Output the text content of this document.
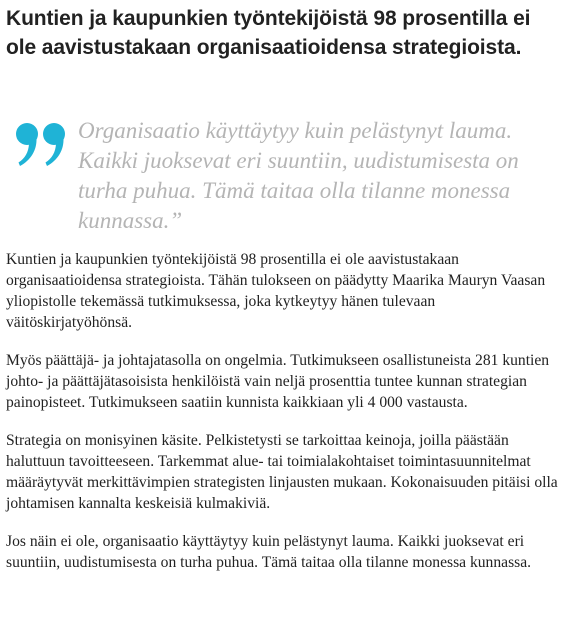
Kuntien ja kaupunkien työntekijöistä 98 prosentilla ei ole aavistustakaan organisaatioidensa strategioista.

Organisaatio käyttäytyy kuin pelästynyt lauma. Kaikki juoksevat eri suuntiin, uudistumisesta on turha puhua. Tämä taitaa olla tilanne monessa kunnassa.”

Kuntien ja kaupunkien työntekijöistä 98 prosentilla ei ole aavistustakaan organisaatioidensa strategioista. Tähän tulokseen on päädytty Maarika Mauryn Vaasan yliopistolle tekemässä tutkimuksessa, joka kytkeytyy hänen tulevaan väitöskirjatyöhönsä.

Myös päättäjä- ja johtajatasolla on ongelmia. Tutkimukseen osallistuneista 281 kuntien johto- ja päättäjätasoisista henkilöistä vain neljä prosenttia tuntee kunnan strategian painopisteet. Tutkimukseen saatiin kunnista kaikkiaan yli 4 000 vastausta.

Strategia on monisyinen käsite. Pelkistetysti se tarkoittaa keinoja, joilla päästään haluttuun tavoitteeseen. Tarkemmat alue- tai toimialakohtaiset toimintasuunnitelmat määräytyvät merkittävimpien strategisten linjausten mukaan. Kokonaisuuden pitäisi olla johtamisen kannalta keskeisiä kulmakiviä.

Jos näin ei ole, organisaatio käyttäytyy kuin pelästynyt lauma. Kaikki juoksevat eri suuntiin, uudistumisesta on turha puhua. Tämä taitaa olla tilanne monessa kunnassa.
